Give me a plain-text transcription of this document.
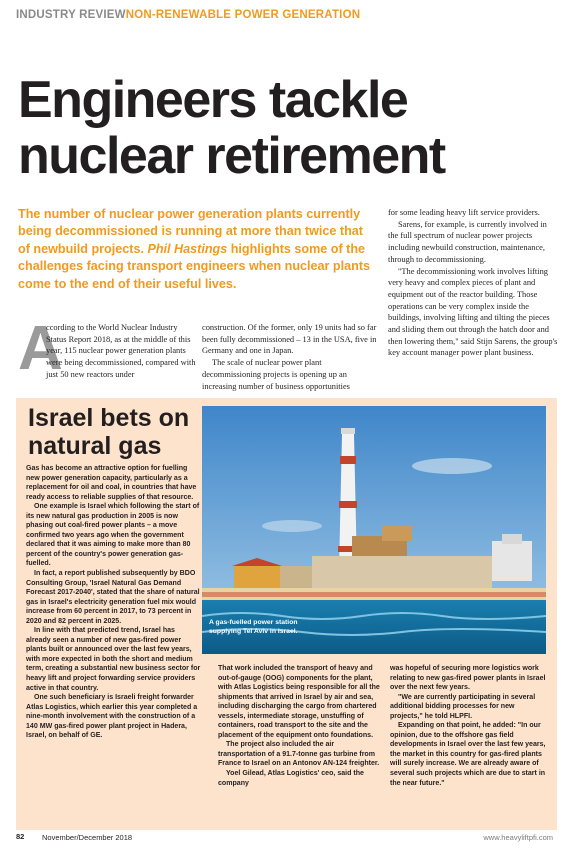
INDUSTRY REVIEWNON-RENEWABLE POWER GENERATION
Engineers tackle
nuclear retirement
The number of nuclear power generation plants currently being decommissioned is running at more than twice that of newbuild projects. Phil Hastings highlights some of the challenges facing transport engineers when nuclear plants come to the end of their useful lives.
A

ccording to the World Nuclear Industry Status Report 2018, as at the middle of this year, 115 nuclear power generation plants were being decommissioned, compared with just 50 new reactors under

construction. Of the former, only 19 units had so far been fully decommissioned – 13 in the USA, five in Germany and one in Japan.

The scale of nuclear power plant decommissioning projects is opening up an increasing number of business opportunities

for some leading heavy lift service providers.

Sarens, for example, is currently involved in the full spectrum of nuclear power projects including newbuild construction, maintenance, through to decommissioning.

"The decommissioning work involves lifting very heavy and complex pieces of plant and equipment out of the reactor building. Those operations can be very complex inside the buildings, involving lifting and tilting the pieces and sliding them out through the hatch door and then lowering them," said Stijn Sarens, the group's key account manager power plant business.

Israel bets on
natural gas

Gas has become an attractive option for fuelling new power generation capacity, particularly as a replacement for oil and coal, in countries that have ready access to reliable supplies of that resource.

One example is Israel which following the start of its new natural gas production in 2005 is now phasing out coal-fired power plants – a move confirmed two years ago when the government declared that it was aiming to make more than 80 percent of the country's power generation gas-fuelled.

In fact, a report published subsequently by BDO Consulting Group, 'Israel Natural Gas Demand Forecast 2017-2040', stated that the share of natural gas in Israel's electricity generation fuel mix would increase from 60 percent in 2017, to 73 percent in 2020 and 82 percent in 2025.

In line with that predicted trend, Israel has already seen a number of new gas-fired power plants built or announced over the last few years, with more expected in both the short and medium term, creating a substantial new business sector for heavy lift and project forwarding service providers active in that country.

One such beneficiary is Israeli freight forwarder Atlas Logistics, which earlier this year completed a nine-month involvement with the construction of a 140 MW gas-fired power plant project in Hadera, Israel, on behalf of GE.

A gas-fuelled power station supplying Tel Aviv in Israel.

That work included the transport of heavy and out-of-gauge (OOG) components for the plant, with Atlas Logistics being responsible for all the shipments that arrived in Israel by air and sea, including discharging the cargo from chartered vessels, intermediate storage, unstuffing of containers, road transport to the site and the placement of the equipment onto foundations.

The project also included the air transportation of a 91.7-tonne gas turbine from France to Israel on an Antonov AN-124 freighter.

Yoel Gilead, Atlas Logistics' ceo, said the company

was hopeful of securing more logistics work relating to new gas-fired power plants in Israel over the next few years.

"We are currently participating in several additional bidding processes for new projects," he told HLPFI.

Expanding on that point, he added: "In our opinion, due to the offshore gas field developments in Israel over the last few years, the market in this country for gas-fired plants will surely increase. We are already aware of several such projects which are due to start in the near future."

82 November/December 2018	www.heavyliftpfi.com
